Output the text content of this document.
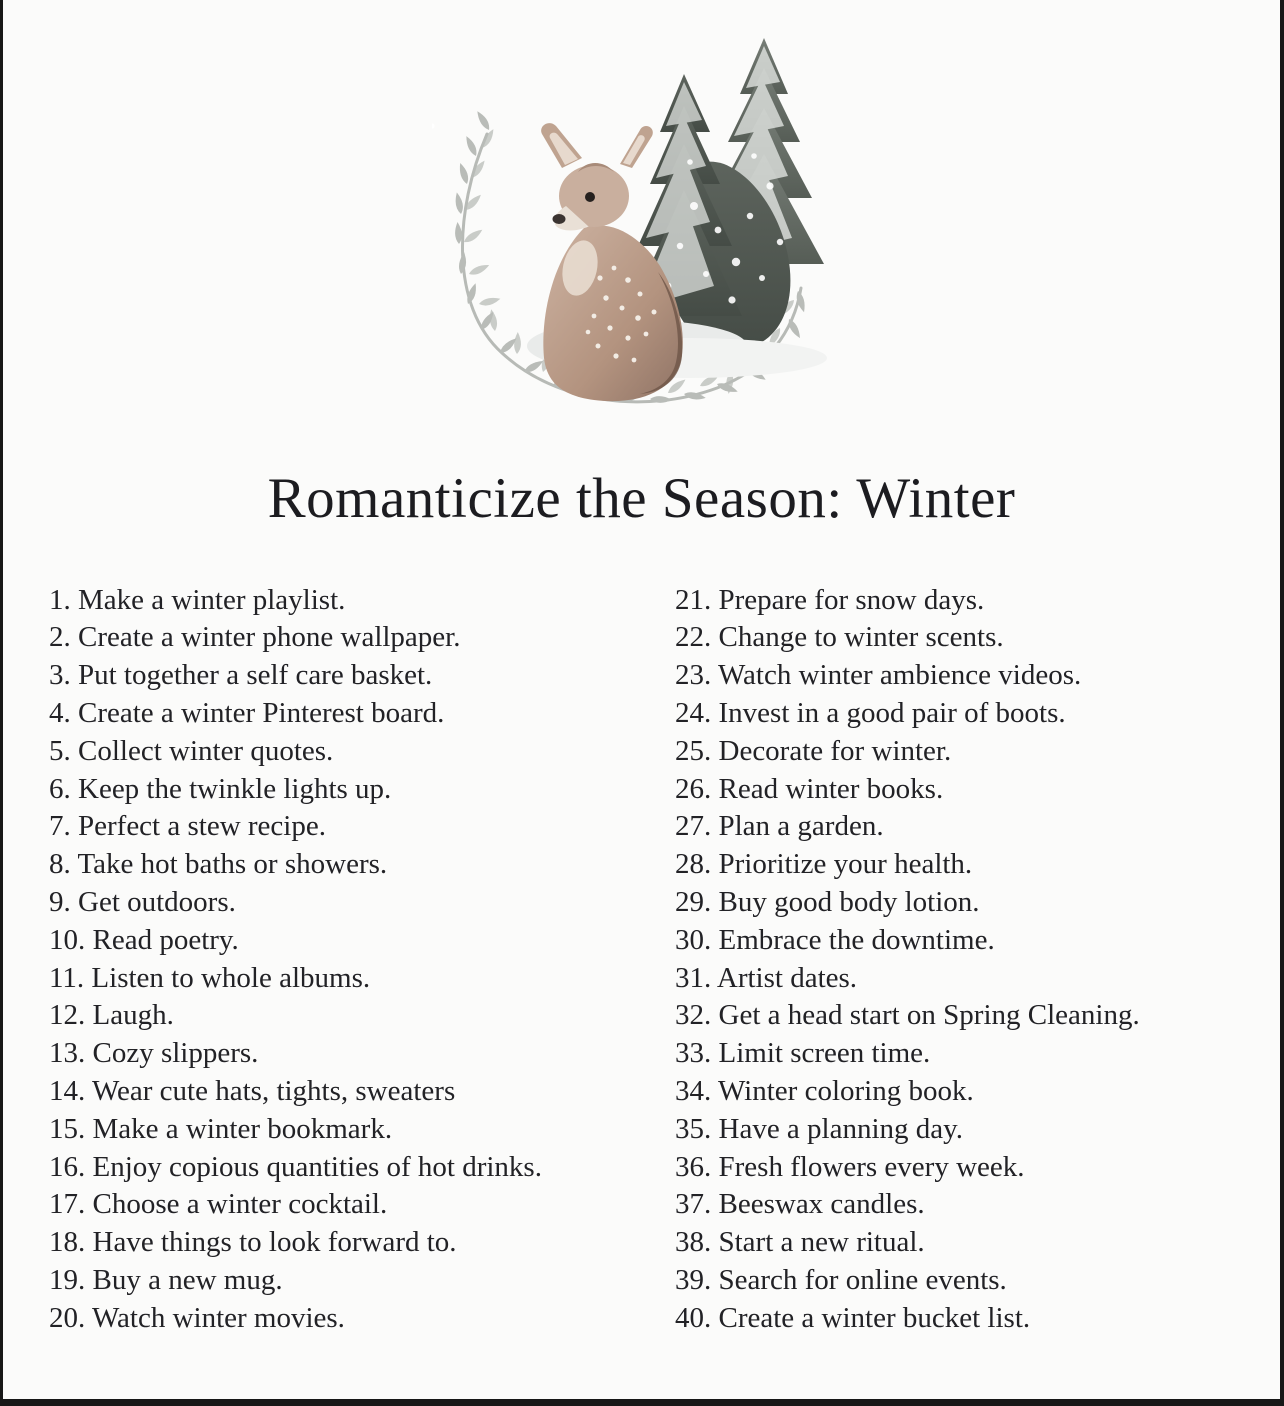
Romanticize the Season: Winter
1. Make a winter playlist.
2. Create a winter phone wallpaper.
3. Put together a self care basket.
4. Create a winter Pinterest board.
5. Collect winter quotes.
6. Keep the twinkle lights up.
7. Perfect a stew recipe.
8. Take hot baths or showers.
9. Get outdoors.
10. Read poetry.
11. Listen to whole albums.
12. Laugh.
13. Cozy slippers.
14. Wear cute hats, tights, sweaters
15. Make a winter bookmark.
16. Enjoy copious quantities of hot drinks.
17. Choose a winter cocktail.
18. Have things to look forward to.
19. Buy a new mug.
20. Watch winter movies.
21. Prepare for snow days.
22. Change to winter scents.
23. Watch winter ambience videos.
24. Invest in a good pair of boots.
25. Decorate for winter.
26. Read winter books.
27. Plan a garden.
28. Prioritize your health.
29. Buy good body lotion.
30. Embrace the downtime.
31. Artist dates.
32. Get a head start on Spring Cleaning.
33. Limit screen time.
34. Winter coloring book.
35. Have a planning day.
36. Fresh flowers every week.
37. Beeswax candles.
38. Start a new ritual.
39. Search for online events.
40. Create a winter bucket list.
